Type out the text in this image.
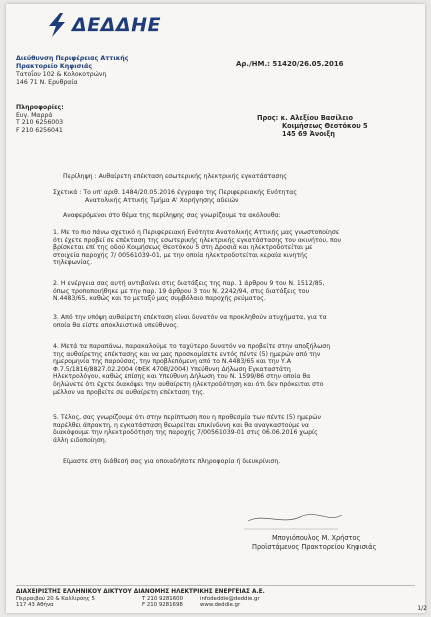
ΔΕΔΔΗΕ
Διεύθυνση Περιφέρειας Αττικής
Πρακτορείο Κηφισιάς
Τατοΐου 102 & Κολοκοτρώνη
146 71 Ν. Ερυθραία
Αρ./ΗΜ.: 51420/26.05.2016
Πληροφορίες:
Ευγ. Μαρρά
Τ 210 6256003
F 210 6256041
Προς: κ. Αλεξίου Βασίλειο
Κοιμήσεως Θεοτόκου 5
145 69 Άνοιξη
Περίληψη : Αυθαίρετη επέκταση εσωτερικής ηλεκτρικής εγκατάστασης
Σχετικά : Το υπ' αριθ. 1484/20.05.2016 έγγραφο της Περιφερειακής Ενότητας
Ανατολικής Αττικής Τμήμα Α' Χορήγησης αδειών
Αναφερόμενοι στο θέμα της περίληψης σας γνωρίζουμε τα ακόλουθα:
1. Με το πιο πάνω σχετικό η Περιφερειακή Ενότητα Ανατολικής Αττικής μας γνωστοποίησε
ότι έχετε προβεί σε επέκταση της εσωτερικής ηλεκτρικής εγκατάστασης του ακινήτου, που
βρίσκεται επί της οδού Κοιμήσεως Θεοτόκου 5 στη Δροσιά και ηλεκτροδοτείται με
στοιχεία παροχής 7/ 00561039-01, με την οποία ηλεκτροδοτείται κεραία κινητής
τηλεφωνίας.
2. Η ενέργεια σας αυτή αντιβαίνει στις διατάξεις της παρ. 1 άρθρου 9 του Ν. 1512/85,
όπως τροποποιήθηκε με την παρ. 19 άρθρου 3 του Ν. 2242/94, στις διατάξεις του
Ν.4483/65, καθώς και το μεταξύ μας συμβόλαιο παροχής ρεύματος.
3. Από την υπόψη αυθαίρετη επέκταση είναι δυνατόν να προκληθούν ατυχήματα, για τα
οποία θα είστε αποκλειστικά υπεύθυνος.
4. Μετά τα παραπάνω, παρακαλούμε το ταχύτερο δυνατόν να προβείτε στην αποξήλωση
της αυθαίρετης επέκτασης και να μας προσκομίσετε εντός πέντε (5) ημερών από την
ημερομηνία της παρούσας, την προβλεπόμενη από το Ν.4483/65 και την Υ.Α
Φ.7.5/1816/8827.02.2004 (ΦΕΚ 470Β/2004) Υπεύθυνη Δήλωση Εγκαταστάτη
Ηλεκτρολόγου, καθώς επίσης και Υπεύθυνη Δήλωση του Ν. 1599/86 στην οποία θα
δηλώνετε ότι έχετε διακόψει την αυθαίρετη ηλεκτροδότηση και ότι δεν πρόκειται στο
μέλλον να προβείτε σε αυθαίρετη επέκταση της.
5. Τέλος, σας γνωρίζουμε ότι στην περίπτωση που η προθεσμία των πέντε (5) ημερών
παρέλθει άπρακτη, η εγκατάσταση θεωρείται επικίνδυνη και θα αναγκαστούμε να
διακόψουμε την ηλεκτροδότηση της παροχής 7/00561039-01 στις 06.06.2016 χωρίς
άλλη ειδοποίηση.
Είμαστε στη διάθεσή σας για οποιαδήποτε πληροφορία ή διευκρίνιση.
Μπογιόπουλος Μ. Χρήστος
Προϊστάμενος Πρακτορείου Κηφισιάς
ΔΙΑΧΕΙΡΙΣΤΗΣ ΕΛΛΗΝΙΚΟΥ ΔΙΚΤΥΟΥ ΔΙΑΝΟΜΗΣ ΗΛΕΚΤΡΙΚΗΣ ΕΝΕΡΓΕΙΑΣ Α.Ε.
Περραιβού 20 & Καλλιρόης 5	Τ 210 9281600	infodeddie@deddie.gr
117 43 Αθήνα	F 210 9281698	www.deddie.gr	1/2
